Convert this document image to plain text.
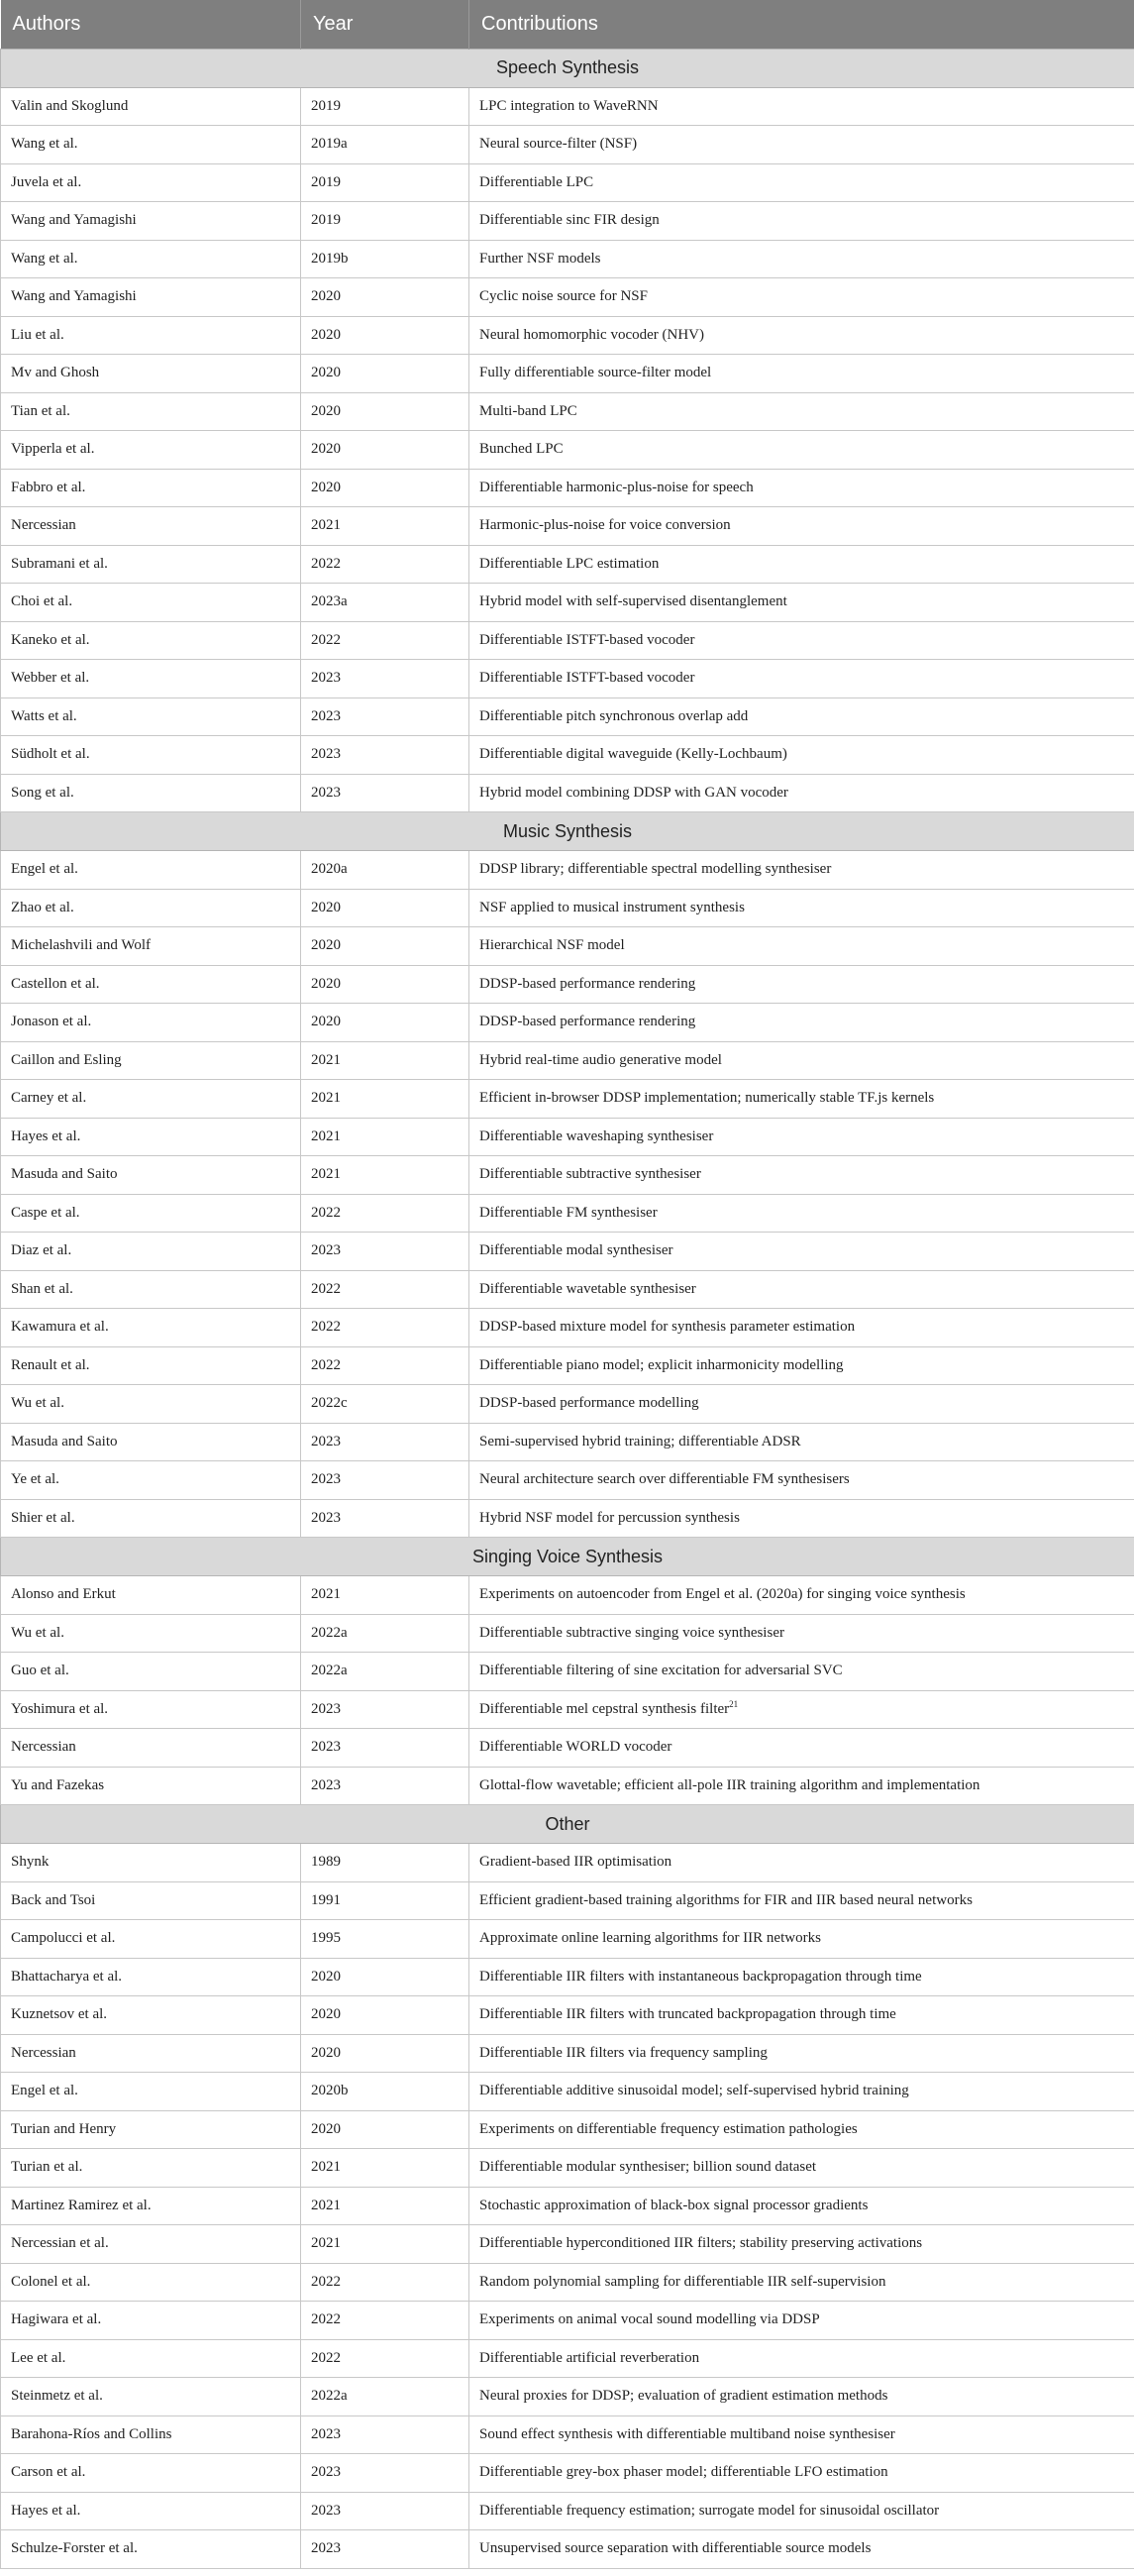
Authors	Year	Contributions
Speech Synthesis		
Valin and Skoglund	2019	LPC integration to WaveRNN
Wang et al.	2019a	Neural source-filter (NSF)
Juvela et al.	2019	Differentiable LPC
Wang and Yamagishi	2019	Differentiable sinc FIR design
Wang et al.	2019b	Further NSF models
Wang and Yamagishi	2020	Cyclic noise source for NSF
Liu et al.	2020	Neural homomorphic vocoder (NHV)
Mv and Ghosh	2020	Fully differentiable source-filter model
Tian et al.	2020	Multi-band LPC
Vipperla et al.	2020	Bunched LPC
Fabbro et al.	2020	Differentiable harmonic-plus-noise for speech
Nercessian	2021	Harmonic-plus-noise for voice conversion
Subramani et al.	2022	Differentiable LPC estimation
Choi et al.	2023a	Hybrid model with self-supervised disentanglement
Kaneko et al.	2022	Differentiable ISTFT-based vocoder
Webber et al.	2023	Differentiable ISTFT-based vocoder
Watts et al.	2023	Differentiable pitch synchronous overlap add
Südholt et al.	2023	Differentiable digital waveguide (Kelly-Lochbaum)
Song et al.	2023	Hybrid model combining DDSP with GAN vocoder
Music Synthesis		
Engel et al.	2020a	DDSP library; differentiable spectral modelling synthesiser
Zhao et al.	2020	NSF applied to musical instrument synthesis
Michelashvili and Wolf	2020	Hierarchical NSF model
Castellon et al.	2020	DDSP-based performance rendering
Jonason et al.	2020	DDSP-based performance rendering
Caillon and Esling	2021	Hybrid real-time audio generative model
Carney et al.	2021	Efficient in-browser DDSP implementation; numerically stable TF.js kernels
Hayes et al.	2021	Differentiable waveshaping synthesiser
Masuda and Saito	2021	Differentiable subtractive synthesiser
Caspe et al.	2022	Differentiable FM synthesiser
Diaz et al.	2023	Differentiable modal synthesiser
Shan et al.	2022	Differentiable wavetable synthesiser
Kawamura et al.	2022	DDSP-based mixture model for synthesis parameter estimation
Renault et al.	2022	Differentiable piano model; explicit inharmonicity modelling
Wu et al.	2022c	DDSP-based performance modelling
Masuda and Saito	2023	Semi-supervised hybrid training; differentiable ADSR
Ye et al.	2023	Neural architecture search over differentiable FM synthesisers
Shier et al.	2023	Hybrid NSF model for percussion synthesis
Singing Voice Synthesis		
Alonso and Erkut	2021	Experiments on autoencoder from Engel et al. (2020a) for singing voice synthesis
Wu et al.	2022a	Differentiable subtractive singing voice synthesiser
Guo et al.	2022a	Differentiable filtering of sine excitation for adversarial SVC
Yoshimura et al.	2023	Differentiable mel cepstral synthesis filter$^{21}$
Nercessian	2023	Differentiable WORLD vocoder
Yu and Fazekas	2023	Glottal-flow wavetable; efficient all-pole IIR training algorithm and implementation
Other		
Shynk	1989	Gradient-based IIR optimisation
Back and Tsoi	1991	Efficient gradient-based training algorithms for FIR and IIR based neural networks
Campolucci et al.	1995	Approximate online learning algorithms for IIR networks
Bhattacharya et al.	2020	Differentiable IIR filters with instantaneous backpropagation through time
Kuznetsov et al.	2020	Differentiable IIR filters with truncated backpropagation through time
Nercessian	2020	Differentiable IIR filters via frequency sampling
Engel et al.	2020b	Differentiable additive sinusoidal model; self-supervised hybrid training
Turian and Henry	2020	Experiments on differentiable frequency estimation pathologies
Turian et al.	2021	Differentiable modular synthesiser; billion sound dataset
Martinez Ramirez et al.	2021	Stochastic approximation of black-box signal processor gradients
Nercessian et al.	2021	Differentiable hyperconditioned IIR filters; stability preserving activations
Colonel et al.	2022	Random polynomial sampling for differentiable IIR self-supervision
Hagiwara et al.	2022	Experiments on animal vocal sound modelling via DDSP
Lee et al.	2022	Differentiable artificial reverberation
Steinmetz et al.	2022a	Neural proxies for DDSP; evaluation of gradient estimation methods
Barahona-Ríos and Collins	2023	Sound effect synthesis with differentiable multiband noise synthesiser
Carson et al.	2023	Differentiable grey-box phaser model; differentiable LFO estimation
Hayes et al.	2023	Differentiable frequency estimation; surrogate model for sinusoidal oscillator
Schulze-Forster et al.	2023	Unsupervised source separation with differentiable source models
